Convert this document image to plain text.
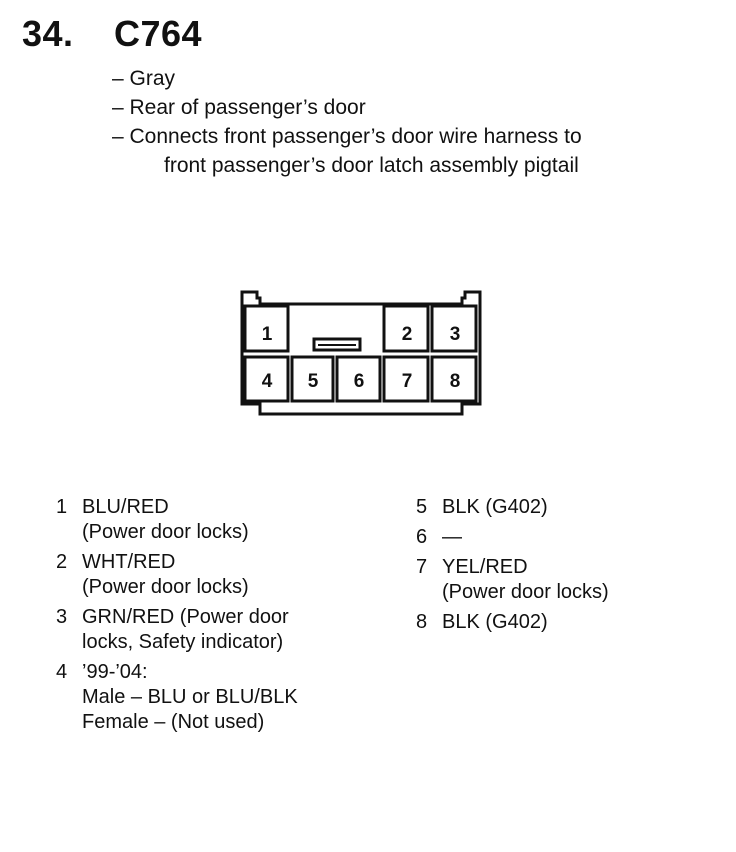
34. C764
– Gray
– Rear of passenger’s door
– Connects front passenger’s door wire harness to
front passenger’s door latch assembly pigtail
1	2 3
4 5 6 7 8
1 BLU/RED
(Power door locks)
2 WHT/RED
(Power door locks)
3 GRN/RED (Power door
locks, Safety indicator)
4 ’99-’04:
Male – BLU or BLU/BLK
Female – (Not used)
5 BLK (G402)
6 —
7 YEL/RED
(Power door locks)
8 BLK (G402)
